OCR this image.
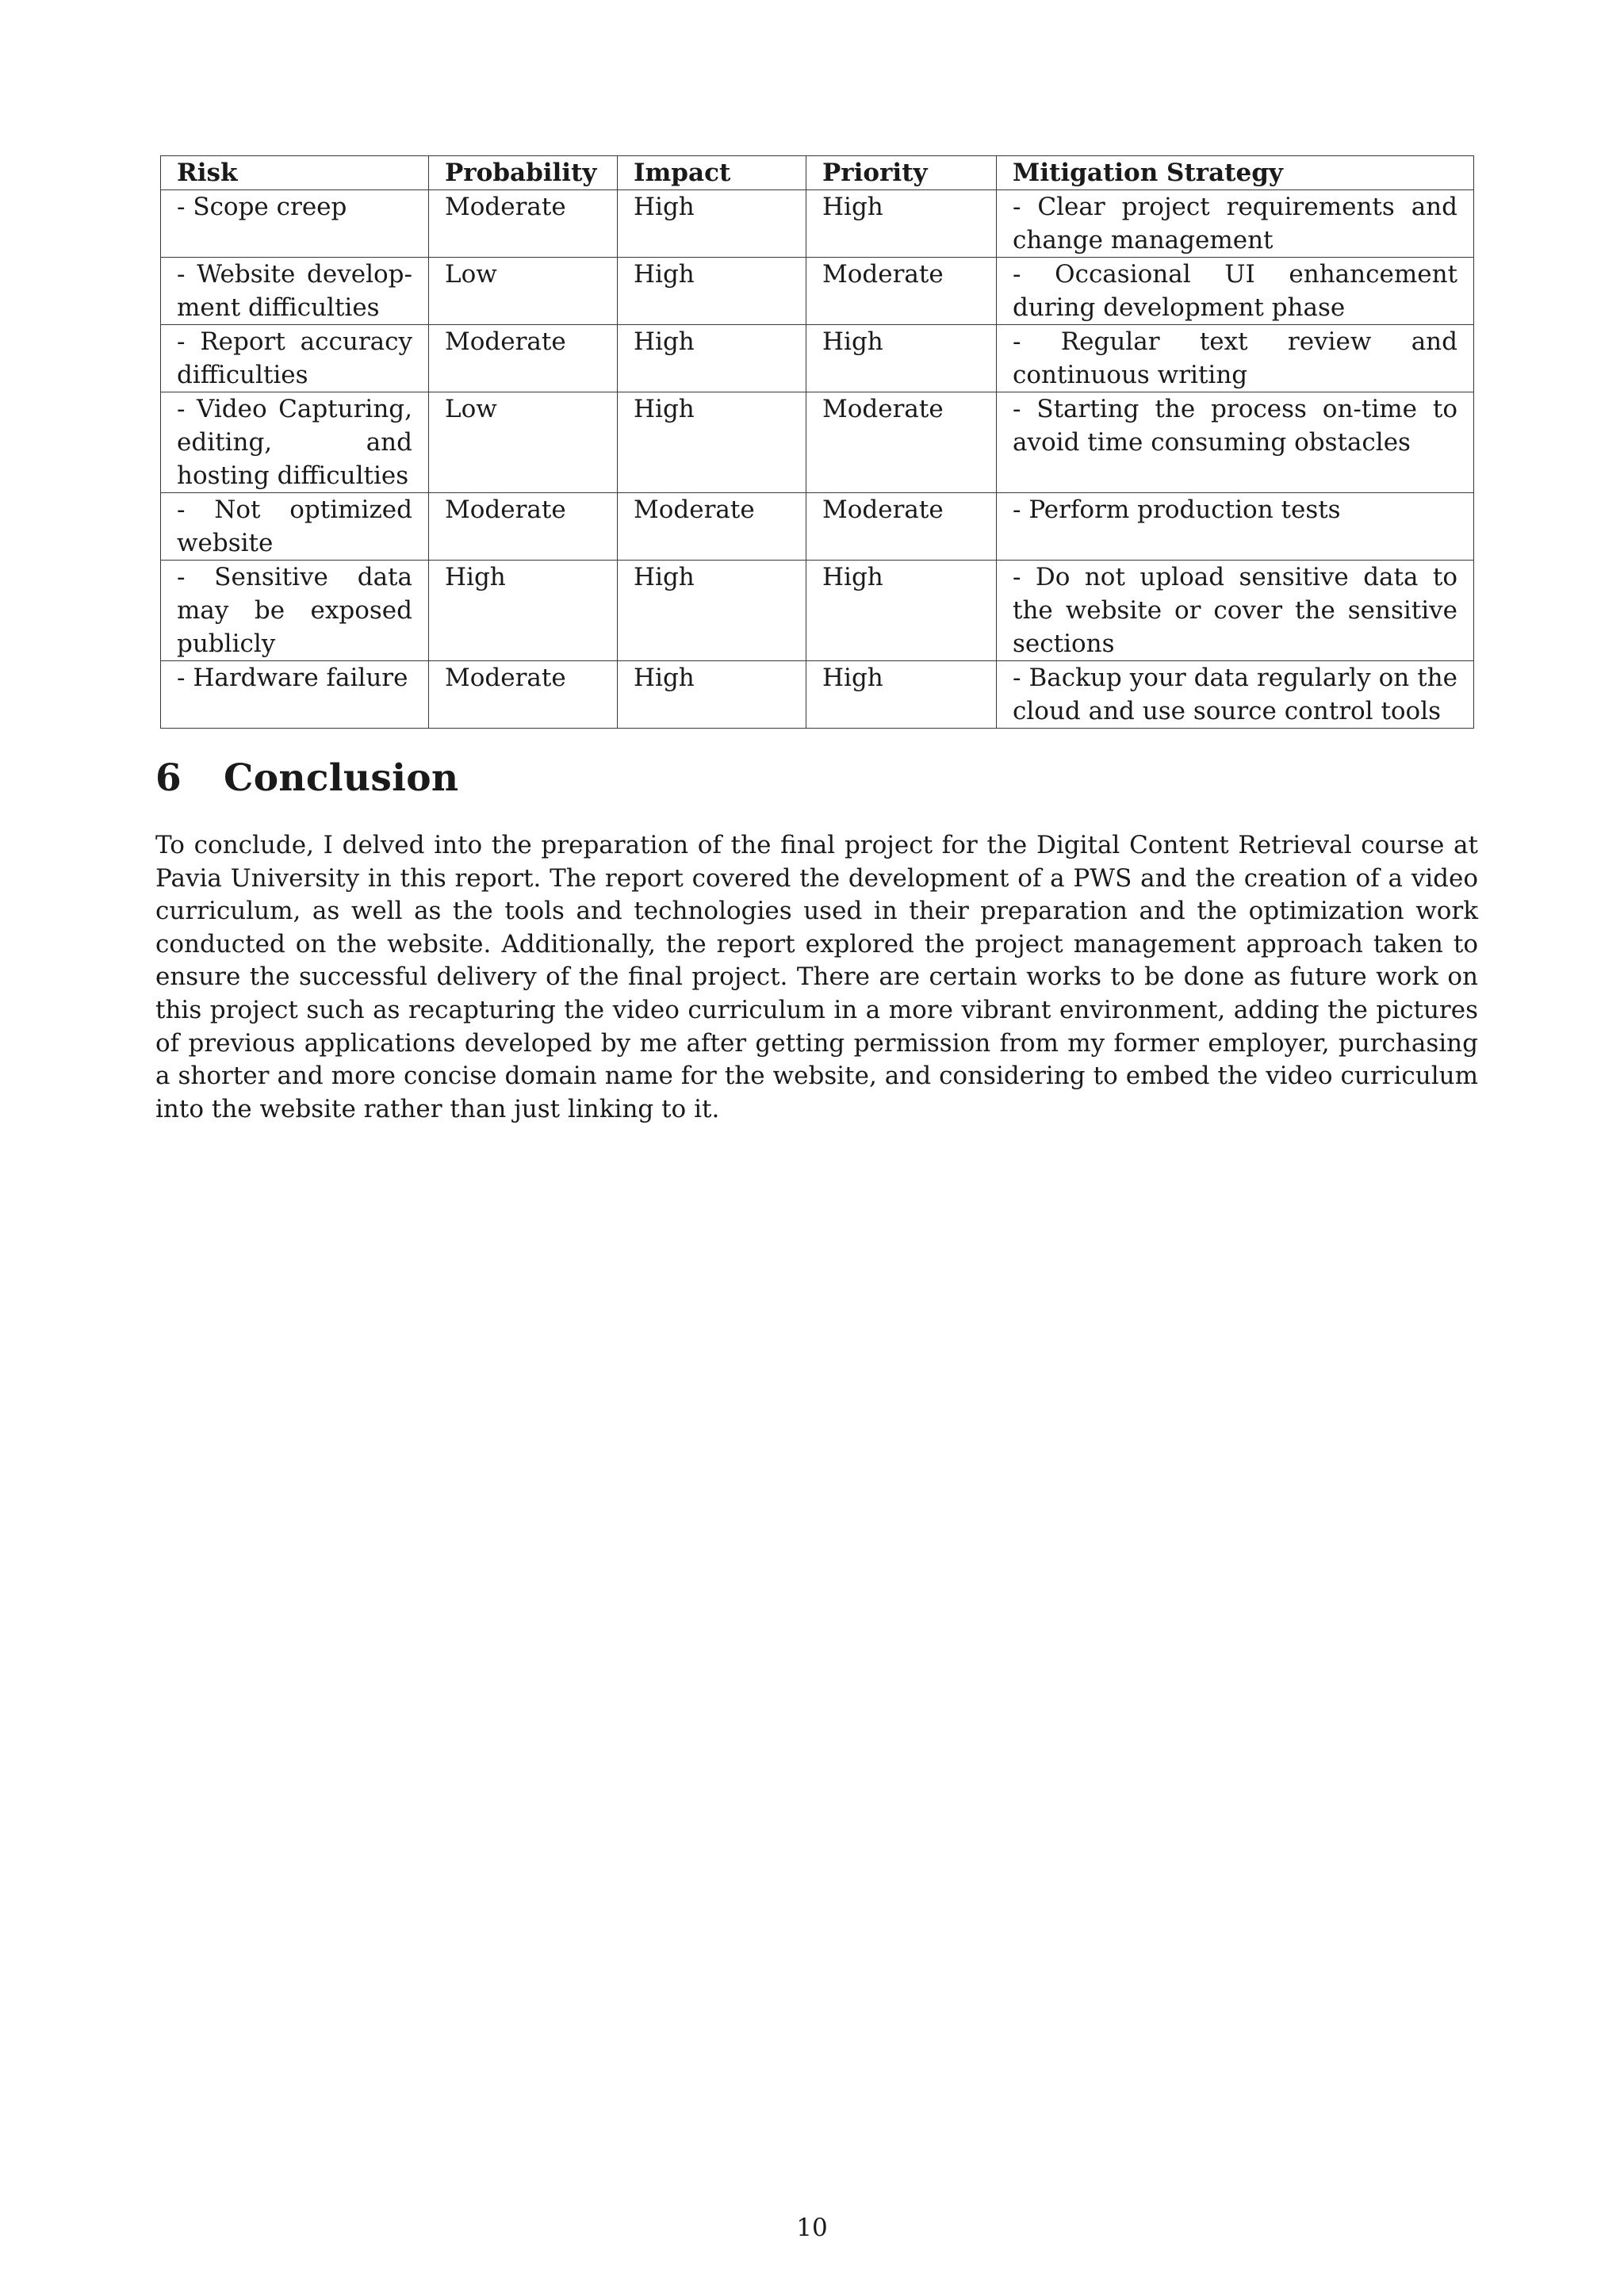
Risk	Probability	Impact	Priority	Mitigation Strategy
- Scope creep	Moderate	High	High	- Clear project requirements and change management
- Website develop- ment difficulties	Low	High	Moderate	- Occasional UI enhancement during development phase
- Report accuracy difficulties	Moderate	High	High	- Regular text review and continuous writing
- Video Capturing, editing, and hosting difficulties	Low	High	Moderate	- Starting the process on-time to avoid time consuming obstacles
- Not optimized website	Moderate	Moderate	Moderate	- Perform production tests
- Sensitive data may be exposed publicly	High	High	High	- Do not upload sensitive data to the website or cover the sensitive sections
- Hardware failure	Moderate	High	High	- Backup your data regularly on the cloud and use source control tools
6 Conclusion

To conclude, I delved into the preparation of the final project for the Digital Content Retrieval course at Pavia University in this report. The report covered the development of a PWS and the creation of a video curriculum, as well as the tools and technologies used in their preparation and the optimization work conducted on the website. Additionally, the report explored the project management approach taken to ensure the successful delivery of the final project. There are certain works to be done as future work on this project such as recapturing the video curriculum in a more vibrant environment, adding the pictures of previous applications developed by me after getting permission from my former employer, purchasing a shorter and more concise domain name for the website, and considering to embed the video curriculum into the website rather than just linking to it.

10
